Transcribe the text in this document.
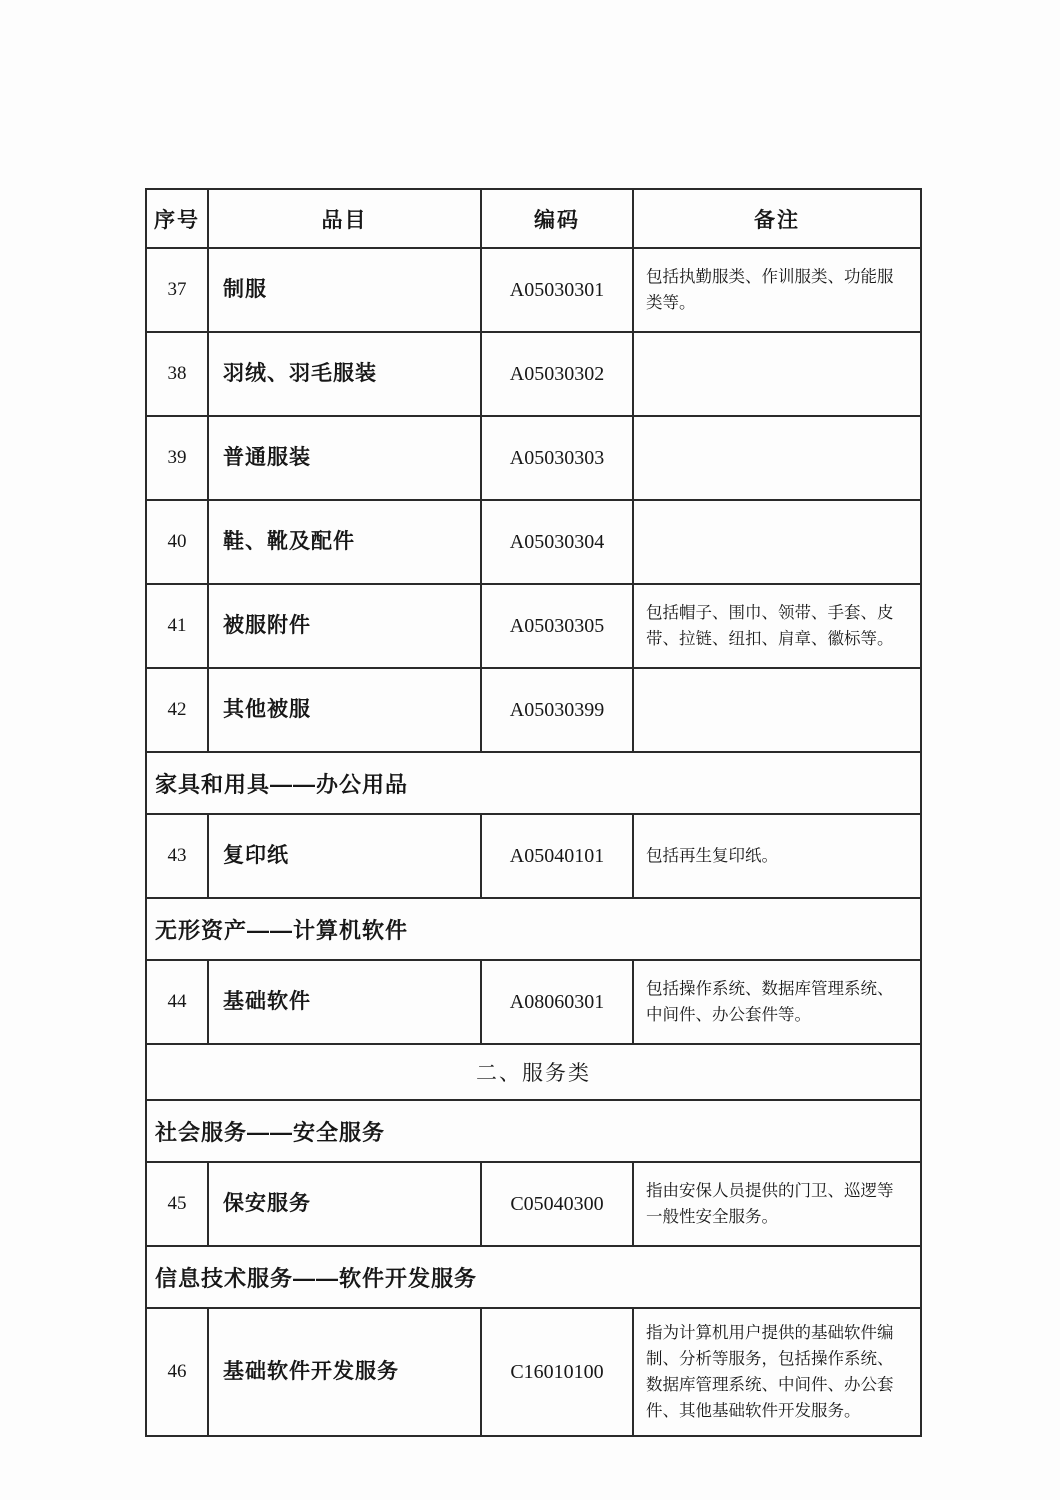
序号	品目	编码	备注
37	制服	A05030301	包括执勤服类、作训服类、功能服类等。
38	羽绒、羽毛服装	A05030302	
39	普通服装	A05030303	
40	鞋、靴及配件	A05030304	
41	被服附件	A05030305	包括帽子、围巾、领带、手套、皮带、拉链、纽扣、肩章、徽标等。
42	其他被服	A05030399	
家具和用具——办公用品			
43	复印纸	A05040101	包括再生复印纸。
无形资产——计算机软件			
44	基础软件	A08060301	包括操作系统、数据库管理系统、中间件、办公套件等。
二、服务类			
社会服务——安全服务			
45	保安服务	C05040300	指由安保人员提供的门卫、巡逻等一般性安全服务。
信息技术服务——软件开发服务			
46	基础软件开发服务	C16010100	指为计算机用户提供的基础软件编制、分析等服务，包括操作系统、数据库管理系统、中间件、办公套件、其他基础软件开发服务。
